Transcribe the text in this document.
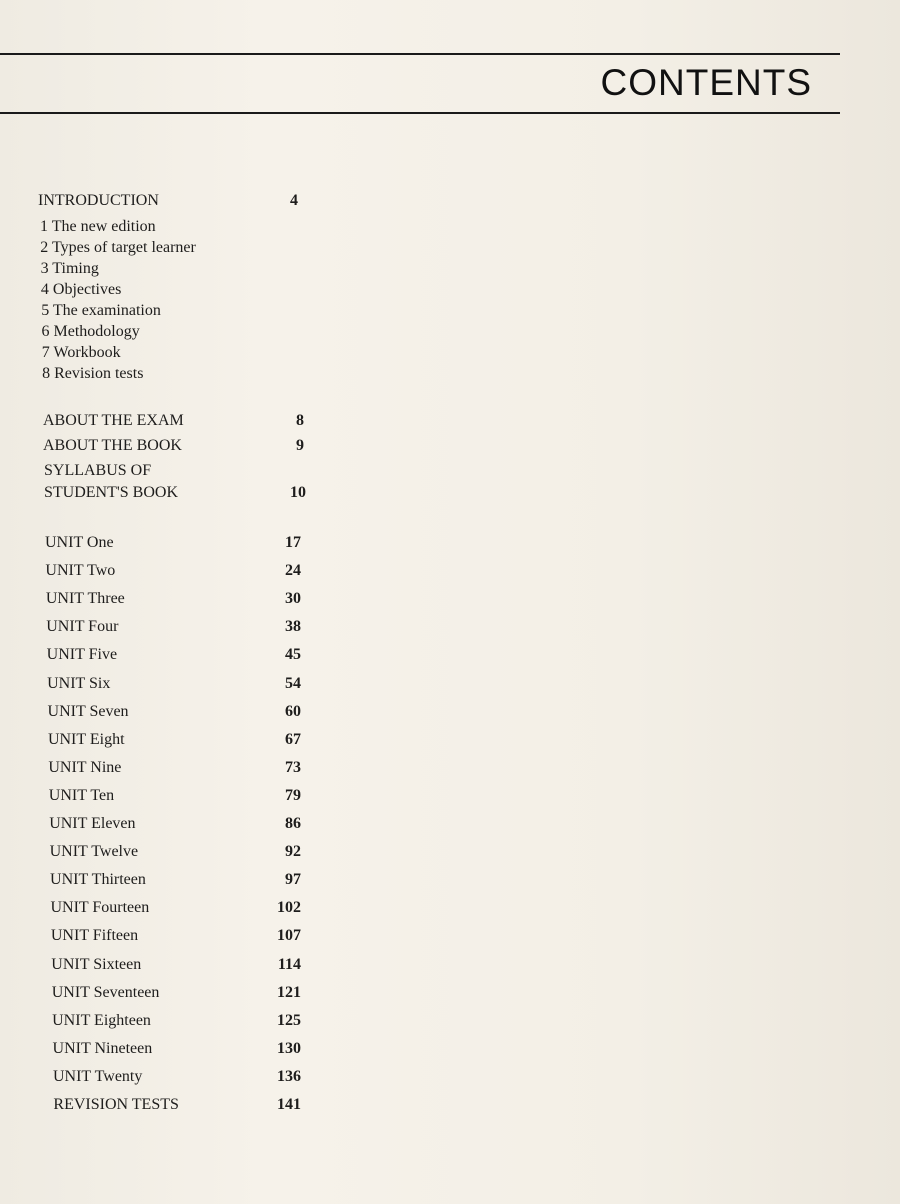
CONTENTS
INTRODUCTION	4
1 The new edition
2 Types of target learner
3 Timing
4 Objectives
5 The examination
6 Methodology
7 Workbook
8 Revision tests
ABOUT THE EXAM	8
ABOUT THE BOOK	9
SYLLABUS OF
STUDENT'S BOOK	10
UNIT One	17
UNIT Two	24
UNIT Three	30
UNIT Four	38
UNIT Five	45
UNIT Six	54
UNIT Seven	60
UNIT Eight	67
UNIT Nine	73
UNIT Ten	79
UNIT Eleven	86
UNIT Twelve	92
UNIT Thirteen	97
UNIT Fourteen	102
UNIT Fifteen	107
UNIT Sixteen	114
UNIT Seventeen	121
UNIT Eighteen	125
UNIT Nineteen	130
UNIT Twenty	136
REVISION TESTS	141
